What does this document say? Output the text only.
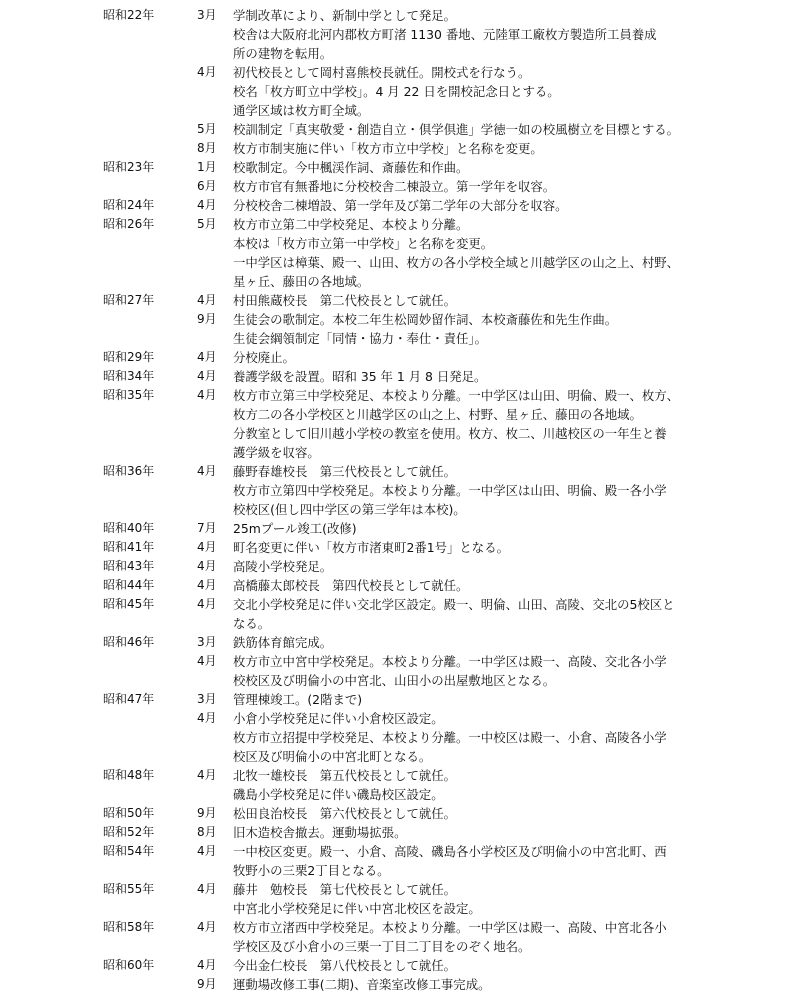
昭和22年	3月	学制改革により、新制中学として発足。
校舎は大阪府北河内郡枚方町渚 1130 番地、元陸軍工廠枚方製造所工員養成
所の建物を転用。
4月	初代校長として岡村喜熊校長就任。開校式を行なう。
校名「枚方町立中学校」。4 月 22 日を開校記念日とする。
通学区域は枚方町全域。
5月	校訓制定「真実敬愛・創造自立・倶学倶進」学徳一如の校風樹立を目標とする。
8月	枚方市制実施に伴い「枚方市立中学校」と名称を変更。
昭和23年	1月	校歌制定。今中楓渓作詞、斎藤佐和作曲。
6月	枚方市官有無番地に分校校舎二棟設立。第一学年を収容。
昭和24年	4月	分校校舎二棟増設、第一学年及び第二学年の大部分を収容。
昭和26年	5月	枚方市立第二中学校発足、本校より分離。
本校は「枚方市立第一中学校」と名称を変更。
一中学区は樟葉、殿一、山田、枚方の各小学校全域と川越学区の山之上、村野、
星ヶ丘、藤田の各地域。
昭和27年	4月	村田熊蔵校長　第二代校長として就任。
9月	生徒会の歌制定。本校二年生松岡妙留作詞、本校斎藤佐和先生作曲。
生徒会綱領制定「同情・協力・奉仕・責任」。
昭和29年	4月	分校廃止。
昭和34年	4月	養護学級を設置。昭和 35 年 1 月 8 日発足。
昭和35年	4月	枚方市立第三中学校発足、本校より分離。一中学区は山田、明倫、殿一、枚方、
枚方二の各小学校区と川越学区の山之上、村野、星ヶ丘、藤田の各地域。
分教室として旧川越小学校の教室を使用。枚方、枚二、川越校区の一年生と養
護学級を収容。
昭和36年	4月	藤野春雄校長　第三代校長として就任。
枚方市立第四中学校発足。本校より分離。一中学区は山田、明倫、殿一各小学
校校区(但し四中学区の第三学年は本校)。
昭和40年	7月	25mプール竣工(改修)
昭和41年	4月	町名変更に伴い「枚方市渚東町2番1号」となる。
昭和43年	4月	高陵小学校発足。
昭和44年	4月	高橋藤太郎校長　第四代校長として就任。
昭和45年	4月	交北小学校発足に伴い交北学区設定。殿一、明倫、山田、高陵、交北の5校区と
なる。
昭和46年	3月	鉄筋体育館完成。
4月	枚方市立中宮中学校発足。本校より分離。一中学区は殿一、高陵、交北各小学
校校区及び明倫小の中宮北、山田小の出屋敷地区となる。
昭和47年	3月	管理棟竣工。(2階まで)
4月	小倉小学校発足に伴い小倉校区設定。
枚方市立招提中学校発足、本校より分離。一中校区は殿一、小倉、高陵各小学
校区及び明倫小の中宮北町となる。
昭和48年	4月	北牧一雄校長　第五代校長として就任。
磯島小学校発足に伴い磯島校区設定。
昭和50年	9月	松田良治校長　第六代校長として就任。
昭和52年	8月	旧木造校舎撤去。運動場拡張。
昭和54年	4月	一中校区変更。殿一、小倉、高陵、磯島各小学校区及び明倫小の中宮北町、西
牧野小の三栗2丁目となる。
昭和55年	4月	藤井　勉校長　第七代校長として就任。
中宮北小学校発足に伴い中宮北校区を設定。
昭和58年	4月	枚方市立渚西中学校発足。本校より分離。一中学区は殿一、高陵、中宮北各小
学校区及び小倉小の三栗一丁目二丁目をのぞく地名。
昭和60年	4月	今出金仁校長　第八代校長として就任。
9月	運動場改修工事(二期)、音楽室改修工事完成。
